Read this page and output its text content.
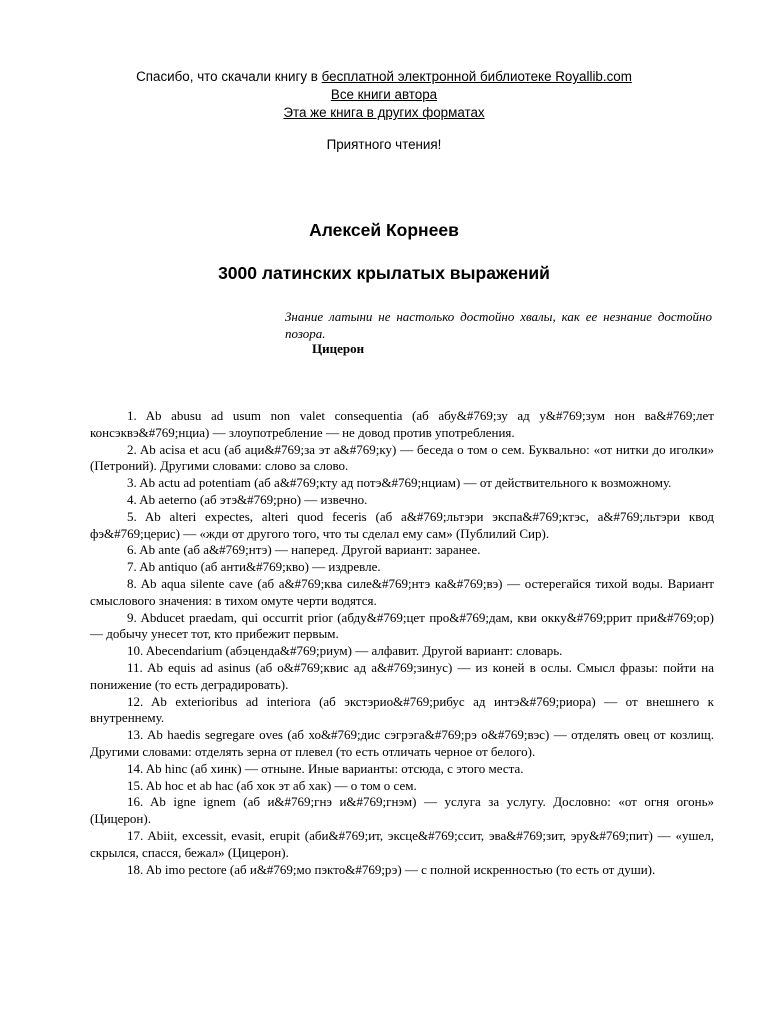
Спасибо, что скачали книгу в бесплатной электронной библиотеке Royallib.com
Все книги автора
Эта же книга в других форматах
Приятного чтения!
Алексей Корнеев
3000 латинских крылатых выражений
Знание латыни не настолько достойно хвалы, как ее незнание достойно позора.
Цицерон
1. Ab abusu ad usum non valet consequentia (аб абу&#769;зу ад у&#769;зум нон ва&#769;лет консэквэ&#769;нциа) — злоупотребление — не довод против употребления.
2. Ab acisa et acu (аб аци&#769;за эт а&#769;ку) — беседа о том о сем. Буквально: «от нитки до иголки» (Петроний). Другими словами: слово за слово.
3. Ab actu ad potentiam (аб а&#769;кту ад потэ&#769;нциам) — от действительного к возможному.
4. Ab aeterno (аб этэ&#769;рно) — извечно.
5. Ab alteri expectes, alteri quod feceris (аб а&#769;льтэри экспа&#769;ктэс, а&#769;льтэри квод фэ&#769;церис) — «жди от другого того, что ты сделал ему сам» (Публилий Сир).
6. Ab ante (аб а&#769;нтэ) — наперед. Другой вариант: заранее.
7. Ab antiquo (аб анти&#769;кво) — издревле.
8. Ab aqua silente cave (аб а&#769;ква силе&#769;нтэ ка&#769;вэ) — остерегайся тихой воды. Вариант смыслового значения: в тихом омуте черти водятся.
9. Abducet praedam, qui occurrit prior (абду&#769;цет про&#769;дам, кви окку&#769;ррит при&#769;ор) — добычу унесет тот, кто прибежит первым.
10. Abecendarium (абэценда&#769;риум) — алфавит. Другой вариант: словарь.
11. Ab equis ad asinus (аб о&#769;квис ад а&#769;зинус) — из коней в ослы. Смысл фразы: пойти на понижение (то есть деградировать).
12. Ab exterioribus ad interiora (аб экстэрио&#769;рибус ад интэ&#769;риора) — от внешнего к внутреннему.
13. Ab haedis segregare oves (аб хо&#769;дис сэгрэга&#769;рэ о&#769;вэс) — отделять овец от козлищ. Другими словами: отделять зерна от плевел (то есть отличать черное от белого).
14. Ab hinc (аб хинк) — отныне. Иные варианты: отсюда, с этого места.
15. Ab hoc et ab hac (аб хок эт аб хак) — о том о сем.
16. Ab igne ignem (аб и&#769;гнэ и&#769;гнэм) — услуга за услугу. Дословно: «от огня огонь» (Цицерон).
17. Abiit, excessit, evasit, erupit (аби&#769;ит, эксце&#769;ссит, эва&#769;зит, эру&#769;пит) — «ушел, скрылся, спасся, бежал» (Цицерон).
18. Ab imo pectore (аб и&#769;мо пэкто&#769;рэ) — с полной искренностью (то есть от души).
